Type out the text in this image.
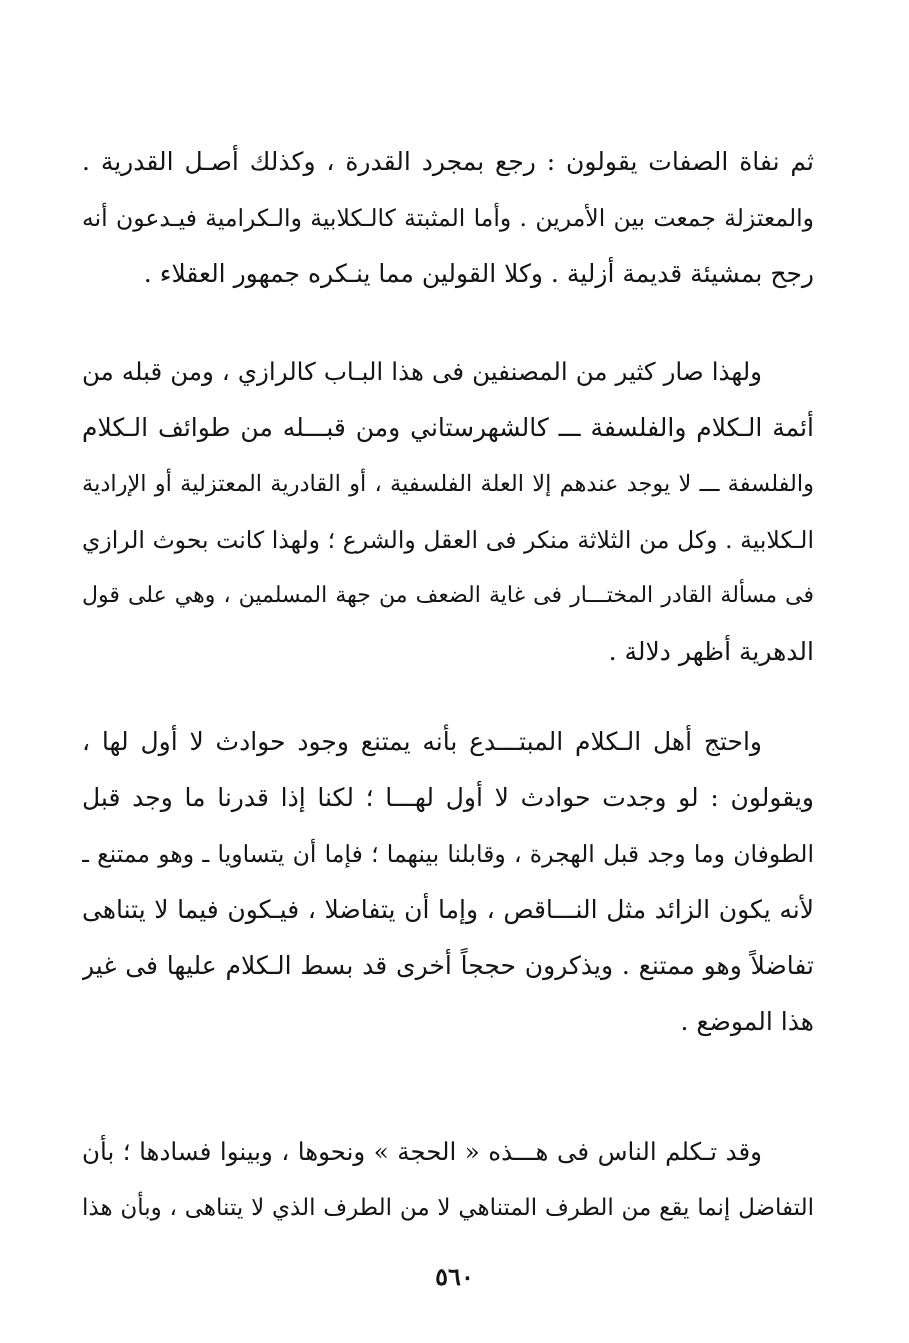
ثم نفاة الصفات يقولون : رجع بمجرد القدرة ، وكذلك أصـل القدرية .
والمعتزلة جمعت بين الأمرين . وأما المثبتة كالـكلابية والـكرامية فيـدعون أنه
رجح بمشيئة قديمة أزلية . وكلا القولين مما ينـكره جمهور العقلاء .
ولهذا صار كثير من المصنفين فى هذا البـاب كالرازي ، ومن قبله من
أئمة الـكلام والفلسفة ـــ كالشهرستاني ومن قبـــله من طوائف الـكلام
والفلسفة ـــ لا يوجد عندهم إلا العلة الفلسفية ، أو القادرية المعتزلية أو الإرادية
الـكلابية . وكل من الثلاثة منكر فى العقل والشرع ؛ ولهذا كانت بحوث الرازي
فى مسألة القادر المختـــار فى غاية الضعف من جهة المسلمين ، وهي على قول
الدهرية أظهر دلالة .
واحتج أهل الـكلام المبتـــدع بأنه يمتنع وجود حوادث لا أول لها ،
ويقولون : لو وجدت حوادث لا أول لهـــا ؛ لكنا إذا قدرنا ما وجد قبل
الطوفان وما وجد قبل الهجرة ، وقابلنا بينهما ؛ فإما أن يتساويا ـ وهو ممتنع ـ
لأنه يكون الزائد مثل النـــاقص ، وإما أن يتفاضلا ، فيـكون فيما لا يتناهى
تفاضلاً وهو ممتنع . ويذكرون حججاً أخرى قد بسط الـكلام عليها فى غير
هذا الموضع .
وقد تـكلم الناس فى هـــذه « الحجة » ونحوها ، وبينوا فسادها ؛ بأن
التفاضل إنما يقع من الطرف المتناهي لا من الطرف الذي لا يتناهى ، وبأن هذا
٥٦٠
